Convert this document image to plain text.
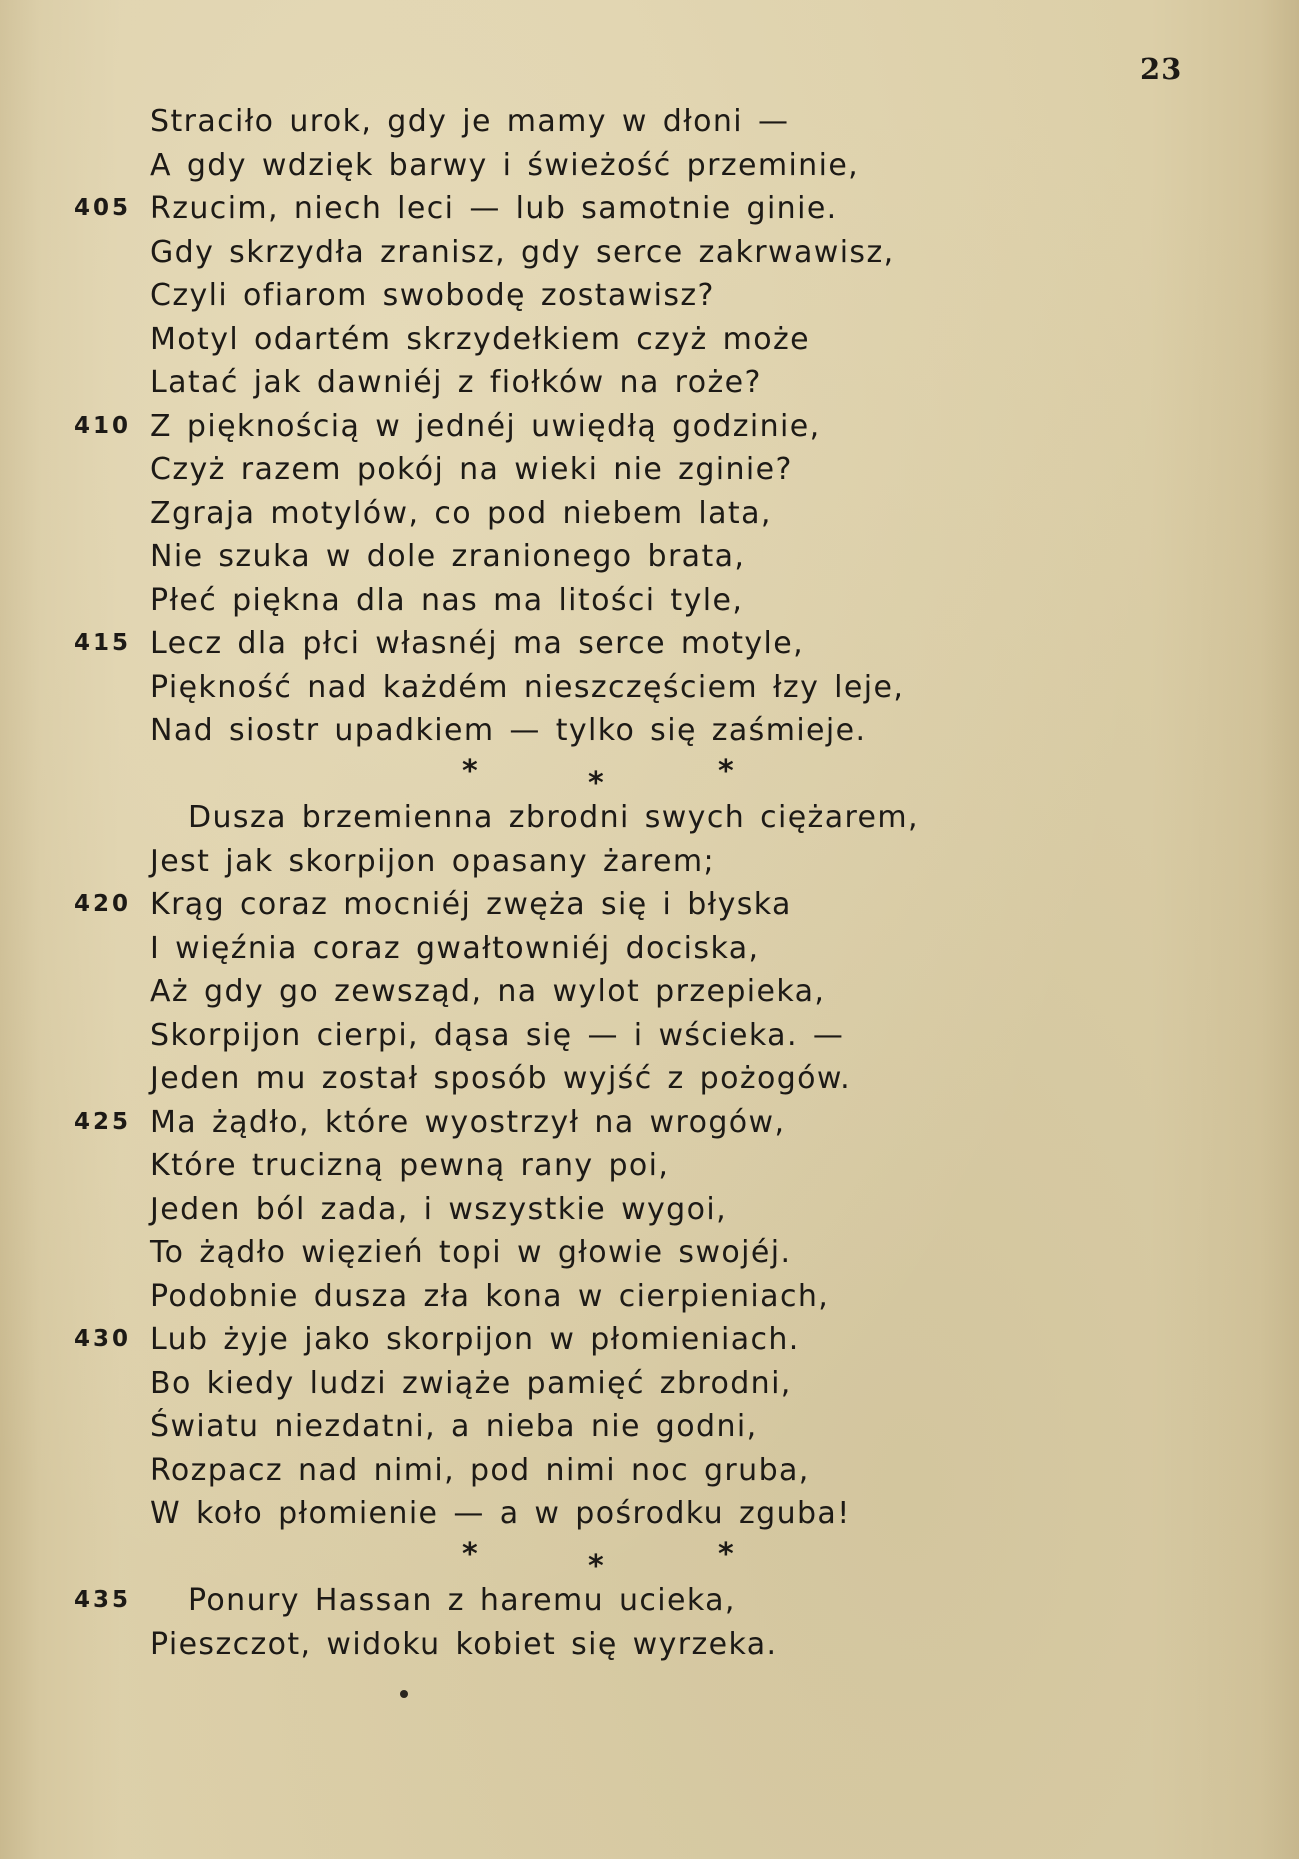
23
Straciło urok, gdy je mamy w dłoni —
A gdy wdzięk barwy i świeżość przeminie,
405 Rzucim, niech leci — lub samotnie ginie.
Gdy skrzydła zranisz, gdy serce zakrwawisz,
Czyli ofiarom swobodę zostawisz?
Motyl odartém skrzydełkiem czyż może
Latać jak dawniéj z fiołków na roże?
410 Z pięknością w jednéj uwiędłą godzinie,
Czyż razem pokój na wieki nie zginie?
Zgraja motylów, co pod niebem lata,
Nie szuka w dole zranionego brata,
Płeć piękna dla nas ma litości tyle,
415 Lecz dla płci własnéj ma serce motyle,
Piękność nad każdém nieszczęściem łzy leje,
Nad siostr upadkiem — tylko się zaśmieje.
*	*	*
Dusza brzemienna zbrodni swych ciężarem,
Jest jak skorpijon opasany żarem;
420 Krąg coraz mocniéj zwęża się i błyska
I więźnia coraz gwałtowniéj dociska,
Aż gdy go zewsząd, na wylot przepieka,
Skorpijon cierpi, dąsa się — i wścieka. —
Jeden mu został sposób wyjść z pożogów.
425 Ma żądło, które wyostrzył na wrogów,
Które trucizną pewną rany poi,
Jeden ból zada, i wszystkie wygoi,
To żądło więzień topi w głowie swojéj.
Podobnie dusza zła kona w cierpieniach,
430 Lub żyje jako skorpijon w płomieniach.
Bo kiedy ludzi zwiąże pamięć zbrodni,
Światu niezdatni, a nieba nie godni,
Rozpacz nad nimi, pod nimi noc gruba,
W koło płomienie — a w pośrodku zguba!
*	*	*
435 Ponury Hassan z haremu ucieka,
Pieszczot, widoku kobiet się wyrzeka.
